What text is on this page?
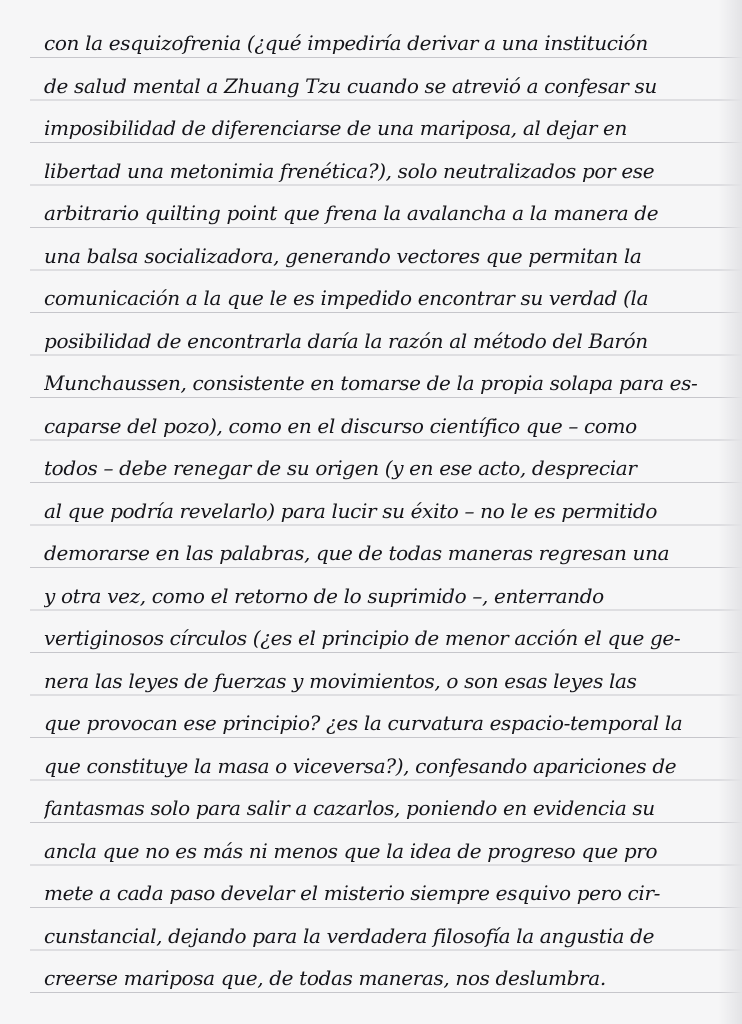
con la esquizofrenia (¿qué impediría derivar a una institución
de salud mental a Zhuang Tzu cuando se atrevió a confesar su
imposibilidad de diferenciarse de una mariposa, al dejar en
libertad una metonimia frenética?), solo neutralizados por ese
arbitrario quilting point que frena la avalancha a la manera de
una balsa socializadora, generando vectores que permitan la
comunicación a la que le es impedido encontrar su verdad (la
posibilidad de encontrarla daría la razón al método del Barón
Munchaussen, consistente en tomarse de la propia solapa para es-
caparse del pozo), como en el discurso científico que – como
todos – debe renegar de su origen (y en ese acto, despreciar
al que podría revelarlo) para lucir su éxito – no le es permitido
demorarse en las palabras, que de todas maneras regresan una
y otra vez, como el retorno de lo suprimido –, enterrando
vertiginosos círculos (¿es el principio de menor acción el que ge-
nera las leyes de fuerzas y movimientos, o son esas leyes las
que provocan ese principio? ¿es la curvatura espacio-temporal la
que constituye la masa o viceversa?), confesando apariciones de
fantasmas solo para salir a cazarlos, poniendo en evidencia su
ancla que no es más ni menos que la idea de progreso que pro
mete a cada paso develar el misterio siempre esquivo pero cir-
cunstancial, dejando para la verdadera filosofía la angustia de
creerse mariposa que, de todas maneras, nos deslumbra.
